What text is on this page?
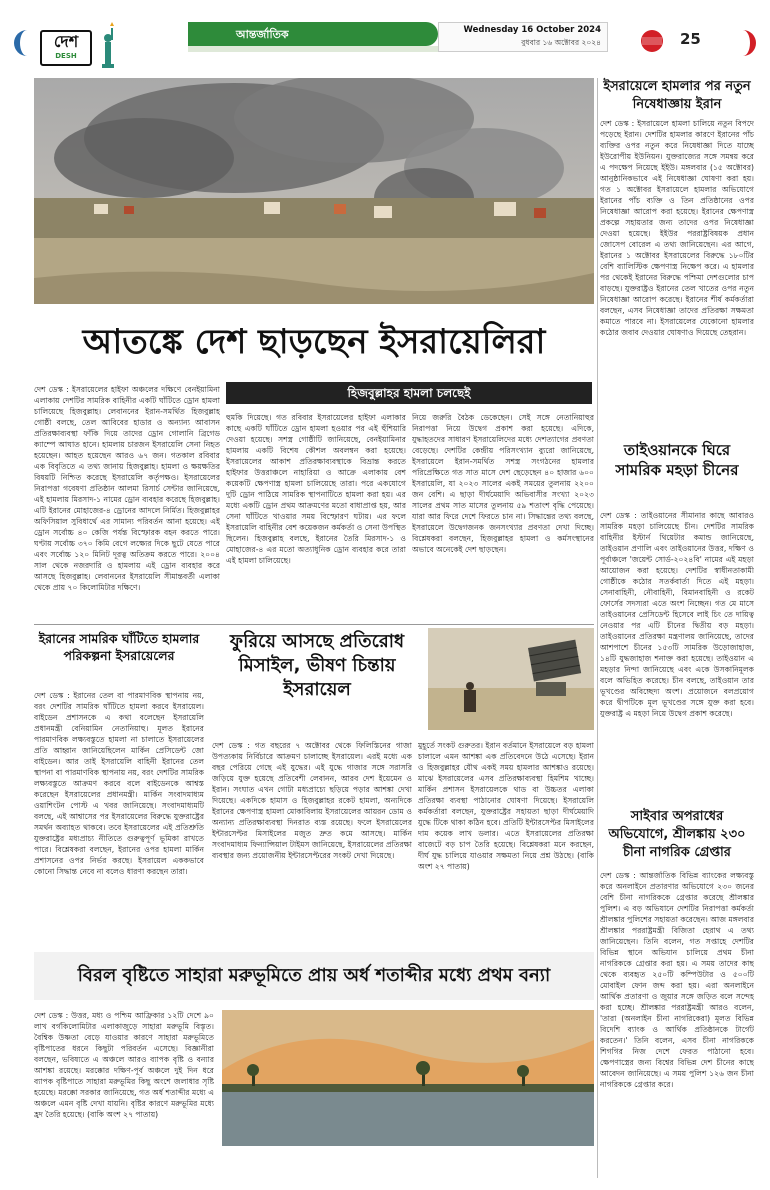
দেশ
DESH
আন্তর্জাতিক	Wednesday 16 October 2024
বুধবার ১৬ অক্টোবর ২০২৪	25
আতঙ্কে দেশ ছাড়ছেন ইসরায়েলিরা
হিজবুল্লাহর হামলা চলছেই
দেশ ডেস্ক : ইসরায়েলের হাইফা অঞ্চলের দক্ষিণে বেনইয়ামিনা এলাকায় দেশটির সামরিক বাহিনীর একটি ঘাঁটিতে ড্রোন হামলা চালিয়েছে হিজবুল্লাহ। লেবাননের ইরান-সমর্থিত হিজবুল্লাহ গোষ্ঠী বলছে, তেল আবিবের হাডার ও অন্যান্য আবাসন প্রতিরক্ষাব্যবস্থা ফাঁকি দিয়ে তাদের ড্রোন গোলানি ব্রিগেড ক্যাম্পে আঘাত হানে। হামলায় চারজন ইসরায়েলি সেনা নিহত হয়েছেন। আহত হয়েছেন আরও ৬৭ জন। গতকাল রবিবার এক বিবৃতিতে এ তথ্য জানায় হিজবুল্লাহ। হামলা ও ক্ষয়ক্ষতির বিষয়টি নিশ্চিত করেছে ইসরায়েলি কর্তৃপক্ষও। ইসরায়েলের নিরাপত্তা গবেষণা প্রতিষ্ঠান আলমা রিসার্চ সেন্টার জানিয়েছে, এই হামলায় মিরসাদ-১ নামের ড্রোন ব্যবহার করেছে হিজবুল্লাহ। এটি ইরানের মোহাজের-৪ ড্রোনের আদলে নির্মিত। হিজবুল্লাহর অফিসিয়াল সুবিধার্থে এর সামান্য পরিবর্তন আনা হয়েছে। এই ড্রোন সর্বোচ্চ ৪০ কেজি পর্যন্ত বিস্ফোরক বহন করতে পারে। ঘণ্টায় সর্বোচ্চ ৩৭০ কিমি বেগে লক্ষ্যের দিকে ছুটে যেতে পারে এবং সর্বোচ্চ ১২০ মিনিট দূরত্ব অতিক্রম করতে পারে। ২০০৪ সাল থেকে নজরদারি ও হামলায় এই ড্রোন ব্যবহার করে আসছে হিজবুল্লাহ। লেবাননের ইসরায়েলি সীমান্তবর্তী এলাকা থেকে প্রায় ৭০ কিলোমিটার দক্ষিণে।
হুমকি দিয়েছে। গত রবিবার ইসরায়েলের হাইফা এলাকার কাছে একটি ঘাঁটিতে ড্রোন হামলা হওয়ার পর এই হুঁশিয়ারি দেওয়া হয়েছে। সশস্ত্র গোষ্ঠীটি জানিয়েছে, বেনইয়ামিনার হামলায় একটি বিশেষ কৌশল অবলম্বন করা হয়েছে। ইসরায়েলের আকাশ প্রতিরক্ষাব্যবস্থাকে বিভ্রান্ত করতে হাইফার উত্তরাঞ্চলে নাহারিয়া ও আক্রে এলাকায় বেশ কয়েকটি ক্ষেপণাস্ত্র হামলা চালিয়েছে তারা। পরে একযোগে দুটি ড্রোন পাঠিয়ে সামরিক স্থাপনাটিতে হামলা করা হয়। এর মধ্যে একটি ড্রোন প্রথম আক্রমণের মতো বাধাপ্রাপ্ত হয়, আর সেনা ঘাঁটিতে খাওয়ার সময় বিস্ফোরণ ঘটায়। এর ফলে ইসরায়েলি বাহিনীর বেশ কয়েকজন কর্মকর্তা ও সেনা উপস্থিত ছিলেন। হিজবুল্লাহ বলছে, ইরানের তৈরি মিরসাদ-১ ও মোহাজের-৪ এর মতো অত্যাধুনিক ড্রোন ব্যবহার করে তারা এই হামলা চালিয়েছে।
নিয়ে জরুরি বৈঠক ডেকেছেন। সেই সঙ্গে নেতানিয়াহুর নিরাপত্তা নিয়ে উদ্বেগ প্রকাশ করা হয়েছে। এদিকে, যুদ্ধাহতদের সাধারণ ইসরায়েলিদের মধ্যে দেশত্যাগের প্রবণতা বেড়েছে। দেশটির কেন্দ্রীয় পরিসংখ্যান ব্যুরো জানিয়েছে, ইসরায়েলে ইরান-সমর্থিত সশস্ত্র সংগঠনের হামলার পরিপ্রেক্ষিতে গত সাত মাসে দেশ ছেড়েছেন ৪০ হাজার ৬০০ ইসরায়েলি, যা ২০২৩ সালের একই সময়ের তুলনায় ২২০০ জন বেশি। এ ছাড়া দীর্ঘমেয়াদি অভিবাসীর সংখ্যা ২০২৩ সালের প্রথম সাত মাসের তুলনায় ৫৯ শতাংশ বৃদ্ধি পেয়েছে। যারা আর ফিরে দেশে ফিরতে চান না। সিদ্ধান্তের তথ্য বলছে, ইসরায়েলে উদ্বেগজনক জনসংখ্যার প্রবণতা দেখা দিচ্ছে। বিশ্লেষকরা বলছেন, হিজবুল্লাহর হামলা ও কর্মসংস্থানের অভাবে অনেকেই দেশ ছাড়ছেন।
ইরানের সামরিক ঘাঁটিতে হামলার পরিকল্পনা ইসরায়েলের
দেশ ডেস্ক : ইরানের তেল বা পারমাণবিক স্থাপনায় নয়, বরং দেশটির সামরিক ঘাঁটিতে হামলা করবে ইসরায়েল। বাইডেন প্রশাসনকে এ কথা বলেছেন ইসরায়েলি প্রধানমন্ত্রী বেনিয়ামিন নেতানিয়াহু। মূলত ইরানের পারমাণবিক লক্ষ্যবস্তুতে হামলা না চালাতে ইসরায়েলের প্রতি আহ্বান জানিয়েছিলেন মার্কিন প্রেসিডেন্ট জো বাইডেন। আর তাই ইসরায়েলি বাহিনী ইরানের তেল স্থাপনা বা পারমাণবিক স্থাপনায় নয়, বরং দেশটির সামরিক লক্ষ্যবস্তুতে আক্রমণ করবে বলে বাইডেনকে আশ্বস্ত করেছেন ইসরায়েলের প্রধানমন্ত্রী। মার্কিন সংবাদমাধ্যম ওয়াশিংটন পোস্ট এ খবর জানিয়েছে। সংবাদমাধ্যমটি বলছে, এই আশ্বাসের পর ইসরায়েলের বিরুদ্ধে যুক্তরাষ্ট্রের সমর্থন অব্যাহত থাকবে। তবে ইসরায়েলের এই প্রতিশ্রুতি যুক্তরাষ্ট্রের মধ্যপ্রাচ্য নীতিতে গুরুত্বপূর্ণ ভূমিকা রাখতে পারে। বিশ্লেষকরা বলছেন, ইরানের ওপর হামলা মার্কিন প্রশাসনের ওপর নির্ভর করছে। ইসরায়েল এককভাবে কোনো সিদ্ধান্ত নেবে না বলেও ধারণা করছেন তারা।
ফুরিয়ে আসছে প্রতিরোধ মিসাইল, ভীষণ চিন্তায় ইসরায়েল
দেশ ডেস্ক : গত বছরের ৭ অক্টোবর থেকে ফিলিস্তিনের গাজা উপত্যকায় নির্বিচারে আক্রমণ চালাচ্ছে ইসরায়েল। এরই মধ্যে এক বছর পেরিয়ে গেছে এই যুদ্ধের। এই যুদ্ধে গাজার সঙ্গে সরাসরি জড়িয়ে যুক্ত হয়েছে প্রতিবেশী লেবানন, আরব দেশ ইয়েমেন ও ইরান। সংঘাত এখন গোটা মধ্যপ্রাচ্যে ছড়িয়ে পড়ার আশঙ্কা দেখা দিয়েছে। একদিকে হামাস ও হিজবুল্লাহর রকেট হামলা, অন্যদিকে ইরানের ক্ষেপণাস্ত্র হামলা মোকাবিলায় ইসরায়েলের আয়রন ডোম ও অন্যান্য প্রতিরক্ষাব্যবস্থা দিনরাত ব্যস্ত রয়েছে। ফলে ইসরায়েলের ইন্টারসেপ্টর মিসাইলের মজুত দ্রুত কমে আসছে। মার্কিন সংবাদমাধ্যম ফিন্যান্সিয়াল টাইমস জানিয়েছে, ইসরায়েলের প্রতিরক্ষা ব্যবস্থার জন্য প্রয়োজনীয় ইন্টারসেপ্টরের সংকট দেখা দিয়েছে।
মুহূর্তে সংকট গুরুতর। ইরান বর্তমানে ইসরায়েলে বড় হামলা চালালে এমন আশঙ্কা এক প্রতিবেদনে উঠে এসেছে। ইরান ও হিজবুল্লাহর যৌথ একই সময় হামলার আশঙ্কাও রয়েছে। মাঝে ইসরায়েলের এসব প্রতিরক্ষাব্যবস্থা হিমশিম খাচ্ছে। মার্কিন প্রশাসন ইসরায়েলকে থাড বা উচ্চতর এলাকা প্রতিরক্ষা ব্যবস্থা পাঠানোর ঘোষণা দিয়েছে। ইসরায়েলি কর্মকর্তারা বলছেন, যুক্তরাষ্ট্রের সহায়তা ছাড়া দীর্ঘমেয়াদি যুদ্ধে টিকে থাকা কঠিন হবে। প্রতিটি ইন্টারসেপ্টর মিসাইলের দাম কয়েক লাখ ডলার। এতে ইসরায়েলের প্রতিরক্ষা বাজেটে বড় চাপ তৈরি হয়েছে। বিশ্লেষকরা মনে করছেন, দীর্ঘ যুদ্ধ চালিয়ে যাওয়ার সক্ষমতা নিয়ে প্রশ্ন উঠছে। (বাকি অংশ ২৭ পাতায়)
বিরল বৃষ্টিতে সাহারা মরুভূমিতে প্রায় অর্ধ শতাব্দীর মধ্যে প্রথম বন্যা
দেশ ডেস্ক : উত্তর, মধ্য ও পশ্চিম আফ্রিকার ১২টি দেশে ৯০ লাখ বর্গকিলোমিটার এলাকাজুড়ে সাহারা মরুভূমি বিস্তৃত। বৈশ্বিক উষ্ণতা বেড়ে যাওয়ার কারণে সাহারা মরুভূমিতে বৃষ্টিপাতের ধরনে কিছুটা পরিবর্তন এসেছে। বিজ্ঞানীরা বলছেন, ভবিষ্যতে এ অঞ্চলে আরও ব্যাপক বৃষ্টি ও বন্যার আশঙ্কা রয়েছে। মরক্কোর দক্ষিণ-পূর্ব অঞ্চলে দুই দিন ধরে ব্যাপক বৃষ্টিপাতে সাহারা মরুভূমির কিছু অংশে জলাধার সৃষ্টি হয়েছে। মরক্কো সরকার জানিয়েছে, গত অর্ধ শতাব্দীর মধ্যে এ অঞ্চলে এমন বৃষ্টি দেখা যায়নি। বৃষ্টির কারণে মরুভূমির মধ্যে হ্রদ তৈরি হয়েছে। (বাকি অংশ ২৭ পাতায়)
ইসরায়েলে হামলার পর নতুন নিষেধাজ্ঞায় ইরান
দেশ ডেস্ক : ইসরায়েলে হামলা চালিয়ে নতুন বিপদে পড়েছে ইরান। দেশটির হামলার কারণে ইরানের পাঁচ ব্যক্তির ওপর নতুন করে নিষেধাজ্ঞা দিতে যাচ্ছে ইউরোপীয় ইউনিয়ন। যুক্তরাজ্যের সঙ্গে সমন্বয় করে এ পদক্ষেপ নিয়েছে ইইউ। মঙ্গলবার (১৫ অক্টোবর) আনুষ্ঠানিকভাবে এই নিষেধাজ্ঞা ঘোষণা করা হয়। গত ১ অক্টোবর ইসরায়েলে হামলার অভিযোগে ইরানের পাঁচ ব্যক্তি ও তিন প্রতিষ্ঠানের ওপর নিষেধাজ্ঞা আরোপ করা হয়েছে। ইরানের ক্ষেপণাস্ত্র প্রকল্পে সহায়তার জন্য তাদের ওপর নিষেধাজ্ঞা দেওয়া হয়েছে। ইইউর পররাষ্ট্রবিষয়ক প্রধান জোসেপ বোরেল এ তথ্য জানিয়েছেন। এর আগে, ইরানের ১ অক্টোবর ইসরায়েলের বিরুদ্ধে ১৮০টির বেশি ব্যালিস্টিক ক্ষেপণাস্ত্র নিক্ষেপ করে। এ হামলার পর থেকেই ইরানের বিরুদ্ধে পশ্চিমা দেশগুলোর চাপ বাড়ছে। যুক্তরাষ্ট্রও ইরানের তেল খাতের ওপর নতুন নিষেধাজ্ঞা আরোপ করেছে। ইরানের শীর্ষ কর্মকর্তারা বলছেন, এসব নিষেধাজ্ঞা তাদের প্রতিরক্ষা সক্ষমতা কমাতে পারবে না। ইসরায়েলের যেকোনো হামলার কঠোর জবাব দেওয়ার ঘোষণাও দিয়েছে তেহরান।
তাইওয়ানকে ঘিরে সামরিক মহড়া চীনের
দেশ ডেস্ক : তাইওয়ানের সীমানার কাছে আবারও সামরিক মহড়া চালিয়েছে চীন। দেশটির সামরিক বাহিনীর ইস্টার্ন থিয়েটার কমান্ড জানিয়েছে, তাইওয়ান প্রণালি এবং তাইওয়ানের উত্তর, দক্ষিণ ও পূর্বাঞ্চলে 'জয়েন্ট সোর্ড-২০২৪বি' নামের এই মহড়া আয়োজন করা হয়েছে। দেশটির স্বাধীনতাকামী গোষ্ঠীকে কঠোর সতর্কবার্তা দিতে এই মহড়া। সেনাবাহিনী, নৌবাহিনী, বিমানবাহিনী ও রকেট ফোর্সের সদস্যরা এতে অংশ নিচ্ছেন। গত মে মাসে তাইওয়ানের প্রেসিডেন্ট হিসেবে লাই চিং তে দায়িত্ব নেওয়ার পর এটি চীনের দ্বিতীয় বড় মহড়া। তাইওয়ানের প্রতিরক্ষা মন্ত্রণালয় জানিয়েছে, তাদের আশপাশে চীনের ১৫৩টি সামরিক উড়োজাহাজ, ১৪টি যুদ্ধজাহাজ শনাক্ত করা হয়েছে। তাইওয়ান এ মহড়ার নিন্দা জানিয়েছে এবং একে উসকানিমূলক বলে অভিহিত করেছে। চীন বলছে, তাইওয়ান তার ভূখণ্ডের অবিচ্ছেদ্য অংশ। প্রয়োজনে বলপ্রয়োগ করে দ্বীপটিকে মূল ভূখণ্ডের সঙ্গে যুক্ত করা হবে। যুক্তরাষ্ট্র এ মহড়া নিয়ে উদ্বেগ প্রকাশ করেছে।
সাইবার অপরাধের অভিযোগে, শ্রীলঙ্কায় ২৩০ চীনা নাগরিক গ্রেপ্তার
দেশ ডেস্ক : আন্তর্জাতিক বিভিন্ন ব্যাংকের লক্ষ্যবস্তু করে অনলাইনে প্রতারণার অভিযোগে ২৩০ জনের বেশি চীনা নাগরিককে গ্রেপ্তার করেছে শ্রীলঙ্কার পুলিশ। এ বড় অভিযানে দেশটির নিরাপত্তা কর্মকর্তা শ্রীলঙ্কার পুলিশের সহায়তা করেছেন। আজ মঙ্গলবার শ্রীলঙ্কার পররাষ্ট্রমন্ত্রী বিজিতা হেরাথ এ তথ্য জানিয়েছেন। তিনি বলেন, গত সপ্তাহে দেশটির বিভিন্ন স্থানে অভিযান চালিয়ে প্রথম চীনা নাগরিককে গ্রেপ্তার করা হয়। এ সময় তাদের কাছ থেকে ব্যবহৃত ২৫০টি কম্পিউটার ও ৫০০টি মোবাইল ফোন জব্দ করা হয়। এরা অনলাইনে আর্থিক প্রতারণা ও জুয়ার সঙ্গে জড়িত বলে সন্দেহ করা হচ্ছে। শ্রীলঙ্কার পররাষ্ট্রমন্ত্রী আরও বলেন, 'তারা (অনলাইন চীনা নাগরিকেরা) মূলত বিভিন্ন বিদেশি ব্যাংক ও আর্থিক প্রতিষ্ঠানকে টার্গেট করতেন।' তিনি বলেন, এসব চীনা নাগরিককে শিগগির নিজ দেশে ফেরত পাঠানো হবে। ক্ষেপণাস্ত্রের জন্য বিশ্বের বিভিন্ন দেশ চীনের কাছে আবেদন জানিয়েছে। এ সময় পুলিশ ১২৬ জন চীনা নাগরিককে গ্রেপ্তার করে।
